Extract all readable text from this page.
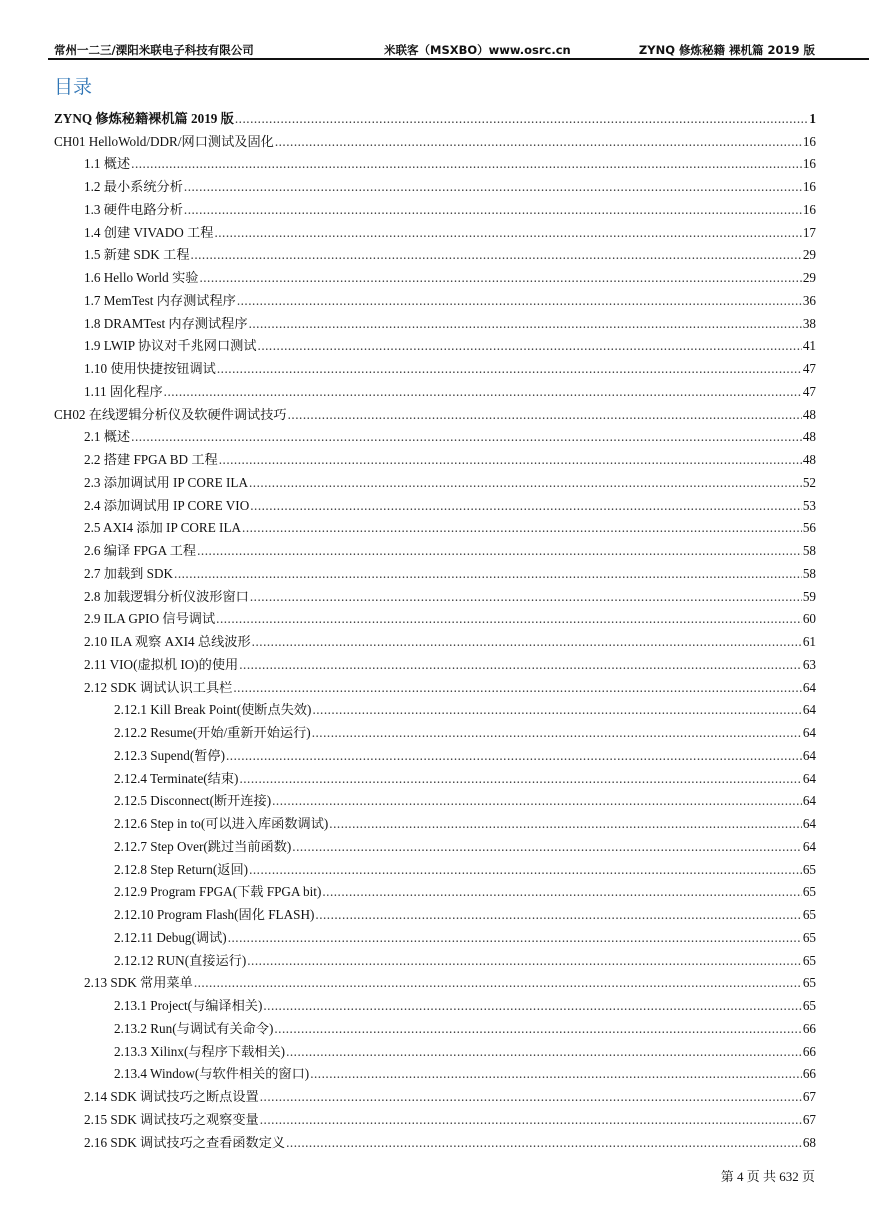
常州一二三/溧阳米联电子科技有限公司	米联客（MSXBO）www.osrc.cn	ZYNQ 修炼秘籍 裸机篇 2019 版
目录
ZYNQ 修炼秘籍裸机篇 2019 版 .....	1
CH01 HelloWold/DDR/网口测试及固化 .....	16
1.1 概述 .....	16
1.2 最小系统分析 .....	16
1.3 硬件电路分析 .....	16
1.4 创建 VIVADO 工程 .....	17
1.5 新建 SDK 工程 .....	29
1.6 Hello World 实验 .....	29
1.7 MemTest 内存测试程序 .....	36
1.8 DRAMTest 内存测试程序 .....	38
1.9 LWIP 协议对千兆网口测试 .....	41
1.10 使用快捷按钮调试 .....	47
1.11 固化程序 .....	47
CH02 在线逻辑分析仪及软硬件调试技巧 .....	48
2.1 概述 .....	48
2.2 搭建 FPGA BD 工程 .....	48
2.3 添加调试用 IP CORE ILA .....	52
2.4 添加调试用 IP CORE VIO .....	53
2.5 AXI4 添加 IP CORE ILA .....	56
2.6 编译 FPGA 工程 .....	58
2.7 加载到 SDK .....	58
2.8 加载逻辑分析仪波形窗口 .....	59
2.9 ILA GPIO 信号调试 .....	60
2.10 ILA 观察 AXI4 总线波形 .....	61
2.11 VIO(虚拟机 IO)的使用 .....	63
2.12 SDK 调试认识工具栏 .....	64
2.12.1 Kill Break Point(使断点失效) .....	64
2.12.2 Resume(开始/重新开始运行) .....	64
2.12.3 Supend(暂停) .....	64
2.12.4 Terminate(结束) .....	64
2.12.5 Disconnect(断开连接) .....	64
2.12.6 Step in to(可以进入库函数调试) .....	64
2.12.7 Step Over(跳过当前函数) .....	64
2.12.8 Step Return(返回) .....	65
2.12.9 Program FPGA(下载 FPGA bit) .....	65
2.12.10 Program Flash(固化 FLASH) .....	65
2.12.11 Debug(调试) .....	65
2.12.12 RUN(直接运行) .....	65
2.13 SDK 常用菜单 .....	65
2.13.1 Project(与编译相关) .....	65
2.13.2 Run(与调试有关命令) .....	66
2.13.3 Xilinx(与程序下载相关) .....	66
2.13.4 Window(与软件相关的窗口) .....	66
2.14 SDK 调试技巧之断点设置 .....	67
2.15 SDK 调试技巧之观察变量 .....	67
2.16 SDK 调试技巧之查看函数定义 .....	68
第 4 页 共 632 页
